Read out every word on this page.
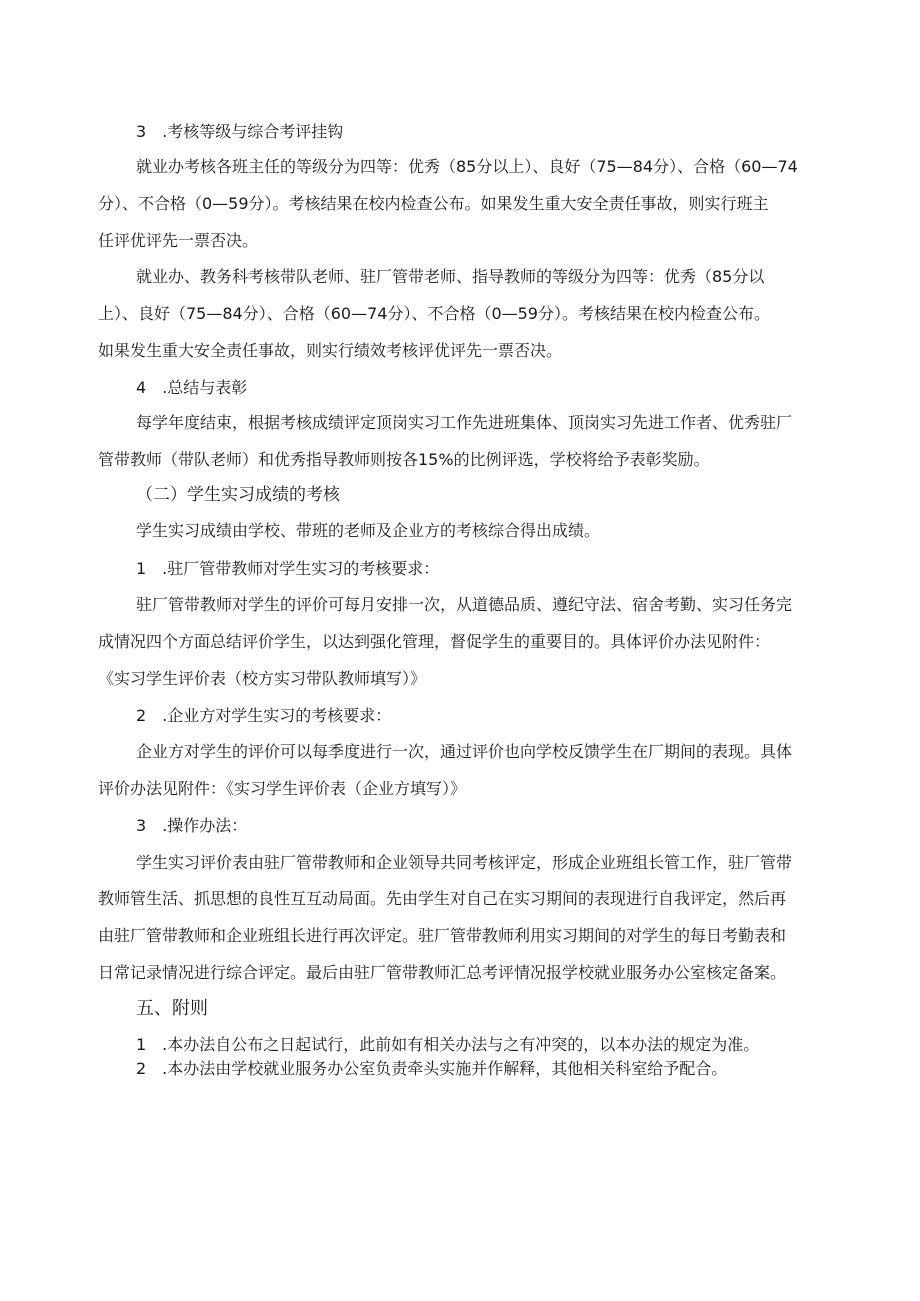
3　.考核等级与综合考评挂钩
就业办考核各班主任的等级分为四等：优秀（85分以上）、良好（75—84分）、合格（60—74
分）、不合格（0—59分）。考核结果在校内检查公布。如果发生重大安全责任事故，则实行班主
任评优评先一票否决。
就业办、教务科考核带队老师、驻厂管带老师、指导教师的等级分为四等：优秀（85分以
上）、良好（75—84分）、合格（60—74分）、不合格（0—59分）。考核结果在校内检查公布。
如果发生重大安全责任事故，则实行绩效考核评优评先一票否决。
4　.总结与表彰
每学年度结束，根据考核成绩评定顶岗实习工作先进班集体、顶岗实习先进工作者、优秀驻厂
管带教师（带队老师）和优秀指导教师则按各15%的比例评选，学校将给予表彰奖励。
（二）学生实习成绩的考核
学生实习成绩由学校、带班的老师及企业方的考核综合得出成绩。
1　.驻厂管带教师对学生实习的考核要求：
驻厂管带教师对学生的评价可每月安排一次，从道德品质、遵纪守法、宿舍考勤、实习任务完
成情况四个方面总结评价学生，以达到强化管理，督促学生的重要目的。具体评价办法见附件：
《实习学生评价表（校方实习带队教师填写）》
2　.企业方对学生实习的考核要求：
企业方对学生的评价可以每季度进行一次，通过评价也向学校反馈学生在厂期间的表现。具体
评价办法见附件：《实习学生评价表（企业方填写）》
3　.操作办法：
学生实习评价表由驻厂管带教师和企业领导共同考核评定，形成企业班组长管工作，驻厂管带
教师管生活、抓思想的良性互互动局面。先由学生对自己在实习期间的表现进行自我评定，然后再
由驻厂管带教师和企业班组长进行再次评定。驻厂管带教师利用实习期间的对学生的每日考勤表和
日常记录情况进行综合评定。最后由驻厂管带教师汇总考评情况报学校就业服务办公室核定备案。
五、附则
1　.本办法自公布之日起试行，此前如有相关办法与之有冲突的，以本办法的规定为准。
2　.本办法由学校就业服务办公室负责牵头实施并作解释，其他相关科室给予配合。
